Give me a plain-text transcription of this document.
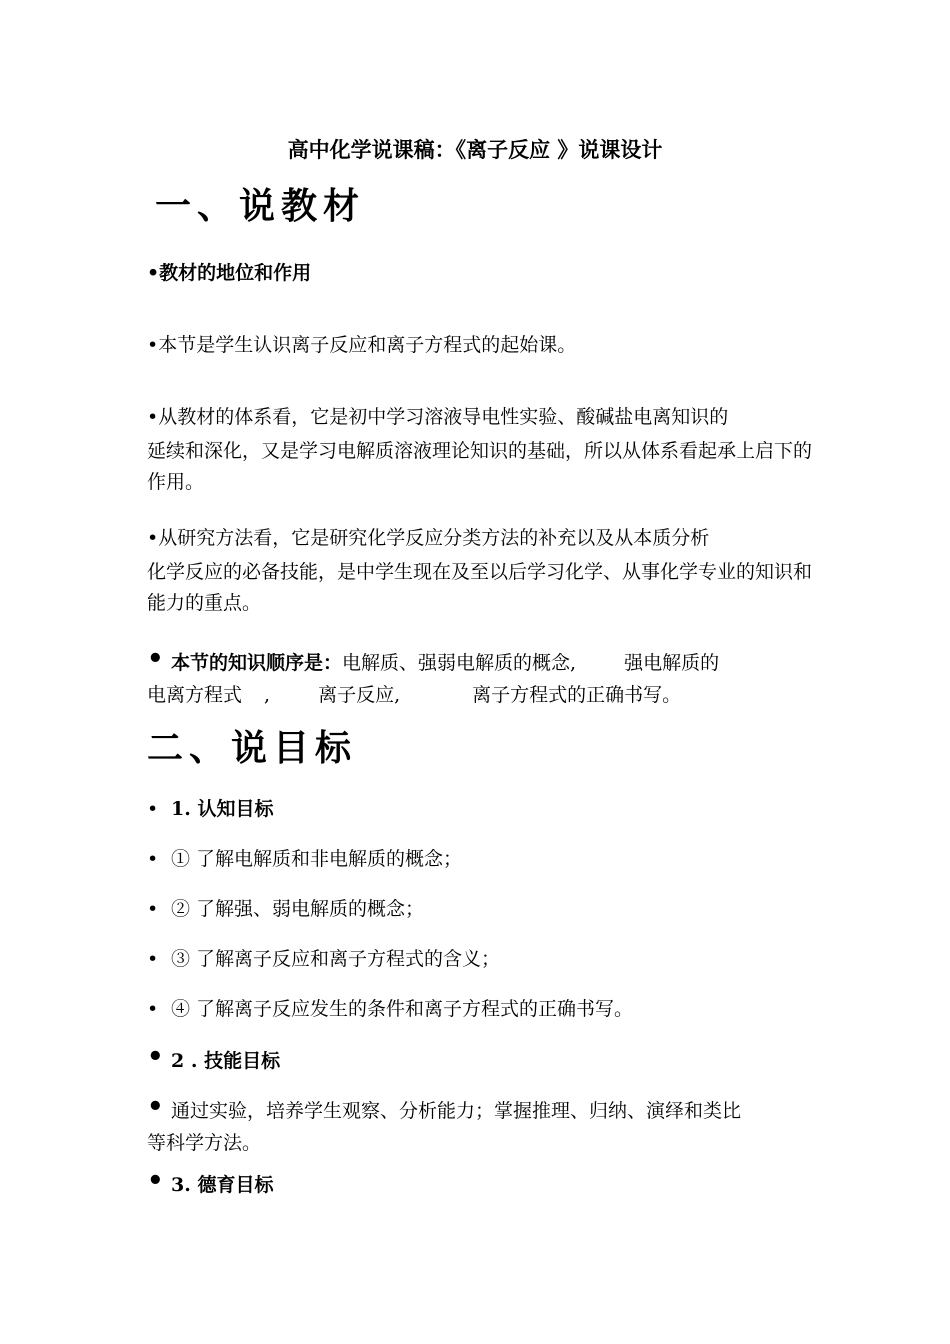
高中化学说课稿：《离子反应 》说课设计
一、说教材
•教材的地位和作用
•本节是学生认识离子反应和离子方程式的起始课。
•从教材的体系看，它是初中学习溶液导电性实验、酸碱盐电离知识的
延续和深化，又是学习电解质溶液理论知识的基础，所以从体系看起承上启下的作用。
•从研究方法看，它是研究化学反应分类方法的补充以及从本质分析
化学反应的必备技能，是中学生现在及至以后学习化学、从事化学专业的知识和能力的重点。
• 本节的知识顺序是：电解质、强弱电解质的概念,	强电解质的
电离方程式 ,	离子反应,	离子方程式的正确书写。
二、说目标
• 1. 认知目标
• ① 了解电解质和非电解质的概念；
• ② 了解强、弱电解质的概念；
• ③ 了解离子反应和离子方程式的含义；
• ④ 了解离子反应发生的条件和离子方程式的正确书写。
• 2 . 技能目标
• 通过实验，培养学生观察、分析能力；掌握推理、归纳、演绎和类比
等科学方法。
• 3. 德育目标
